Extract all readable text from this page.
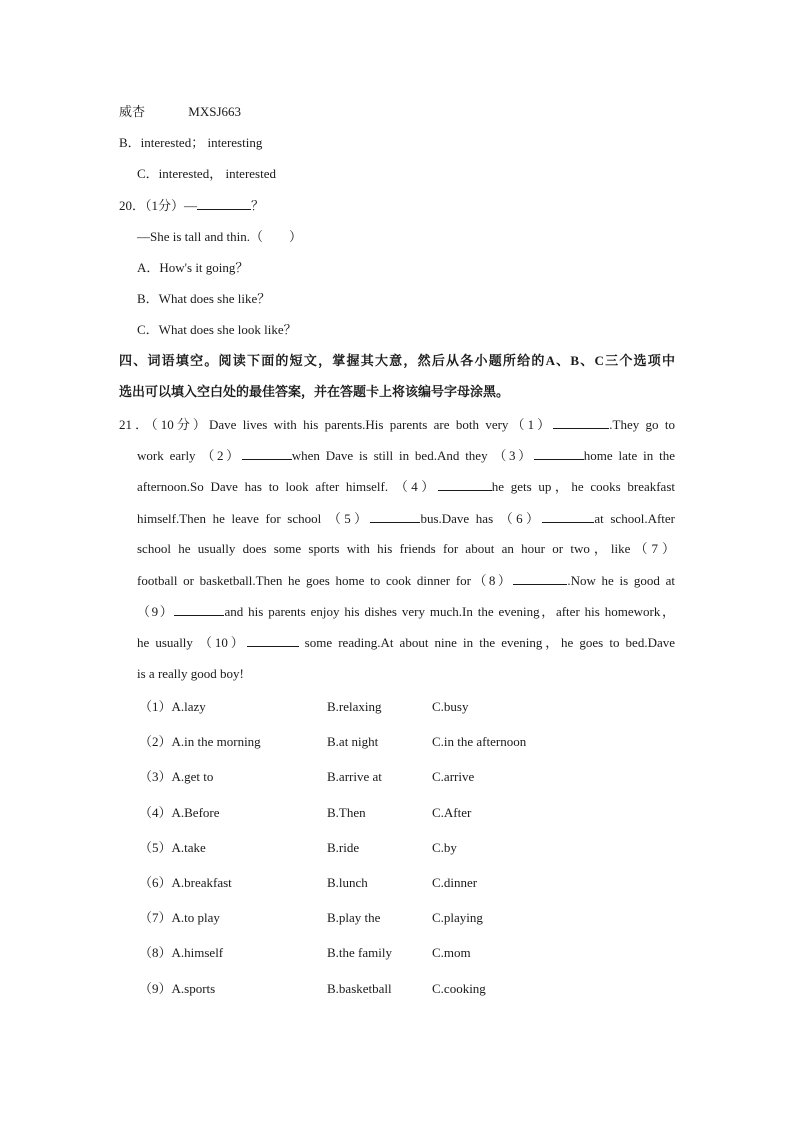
威杏	MXSJ663
B．interested； interesting
C．interested， interested
20．（1分）—	？
—She is tall and thin.（　　）
A．How's it going？
B．What does she like？
C．What does she look like？
四、词语填空。阅读下面的短文，掌握其大意，然后从各小题所给的A、B、C三个选项中
选出可以填入空白处的最佳答案，并在答题卡上将该编号字母涂黑。
21．（10分）Dave lives with his parents.His parents are both very（1）	.They go to
work early （2）	when Dave is still in bed.And they （3）	home late in the
afternoon.So Dave has to look after himself. （4）	he gets up，he cooks breakfast
himself.Then he leave for school （5）	bus.Dave has （6）	at school.After
school he usually does some sports with his friends for about an hour or two，like（7）
football or basketball.Then he goes home to cook dinner for（8）	.Now he is good at
（9）	and his parents enjoy his dishes very much.In the evening，after his homework，
he usually （10）	some reading.At about nine in the evening，he goes to bed.Dave
is a really good boy!
（1）A.lazy	B.relaxing	C.busy
（2）A.in the morning	B.at night	C.in the afternoon
（3）A.get to	B.arrive at	C.arrive
（4）A.Before	B.Then	C.After
（5）A.take	B.ride	C.by
（6）A.breakfast	B.lunch	C.dinner
（7）A.to play	B.play the	C.playing
（8）A.himself	B.the family	C.mom
（9）A.sports	B.basketball	C.cooking
